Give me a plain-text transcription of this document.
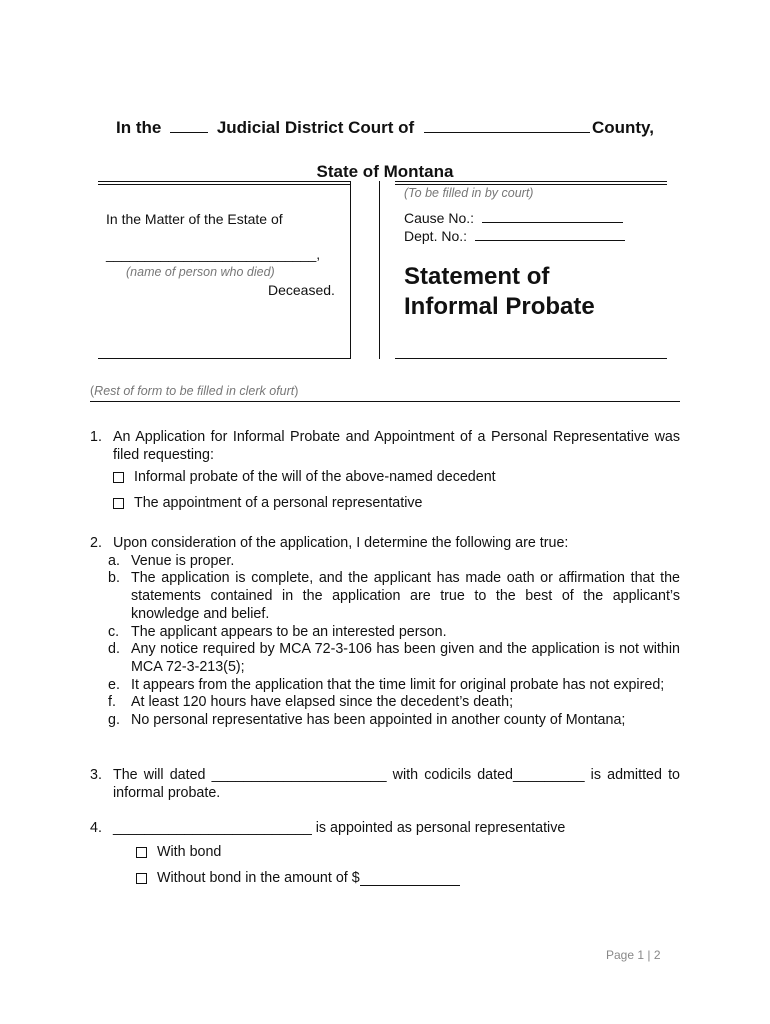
In the	Judicial District Court of	County,
State of Montana
In the Matter of the Estate of
___________________________,
(name of person who died)
Deceased.
(To be filled in by court)
Cause No.:
Dept. No.:
Statement of
Informal Probate
(Rest of form to be filled in clerk ofurt)
1. An Application for Informal Probate and Appointment of a Personal Representative was filed requesting:
Informal probate of the will of the above-named decedent
The appointment of a personal representative
2. Upon consideration of the application, I determine the following are true:
a. Venue is proper.
b. The application is complete, and the applicant has made oath or affirmation that the statements contained in the application are true to the best of the applicant’s knowledge and belief.
c. The applicant appears to be an interested person.
d. Any notice required by MCA 72-3-106 has been given and the application is not within MCA 72-3-213(5);
e. It appears from the application that the time limit for original probate has not expired;
f. At least 120 hours have elapsed since the decedent’s death;
g. No personal representative has been appointed in another county of Montana;
3. The will dated ______________________ with codicils dated_________ is admitted to informal probate.
4. _________________________ is appointed as personal representative
With bond
Without bond in the amount of $
Page 1 | 2
